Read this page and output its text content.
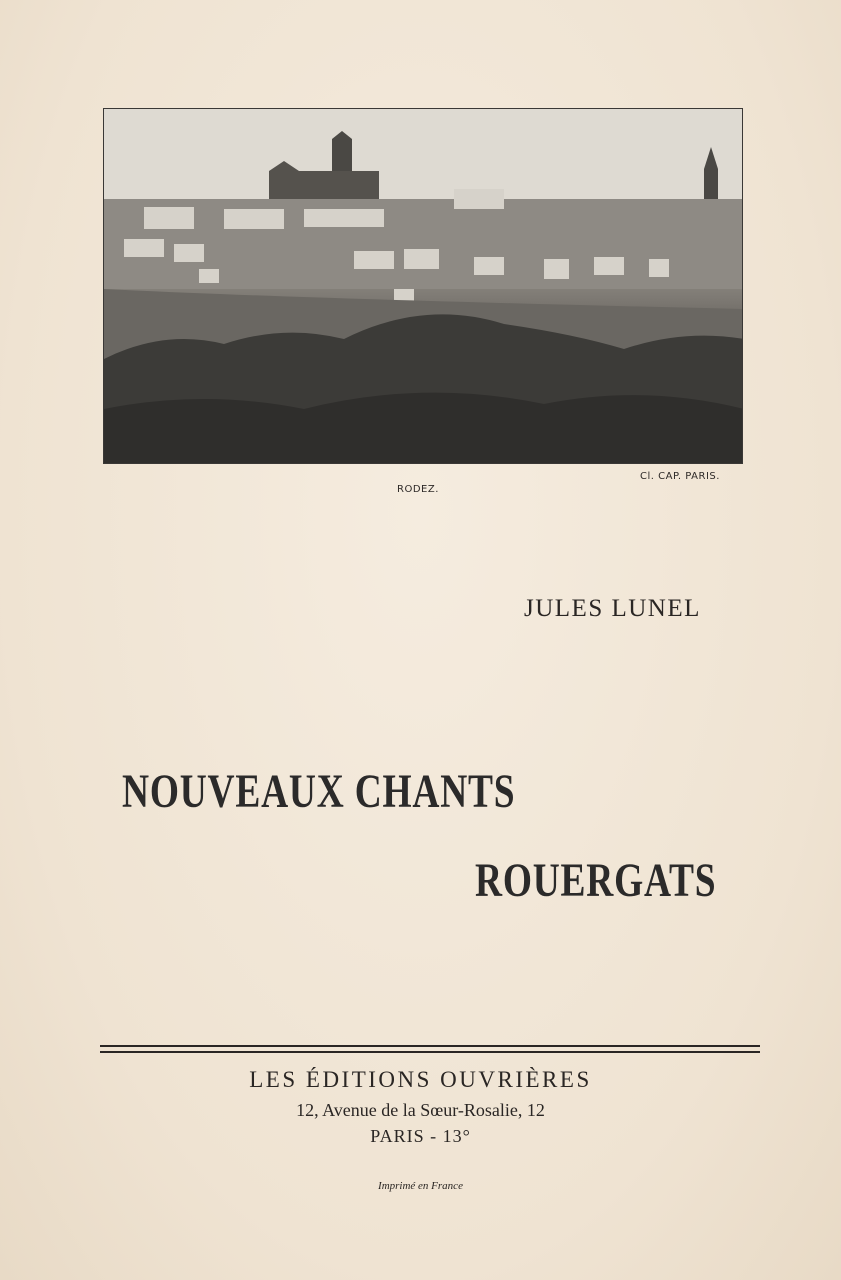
RODEZ.
Cl. CAP. PARIS.
JULES LUNEL
NOUVEAUX CHANTS
ROUERGATS
LES ÉDITIONS OUVRIÈRES
12, Avenue de la Sœur-Rosalie, 12
PARIS - 13°
Imprimé en France
